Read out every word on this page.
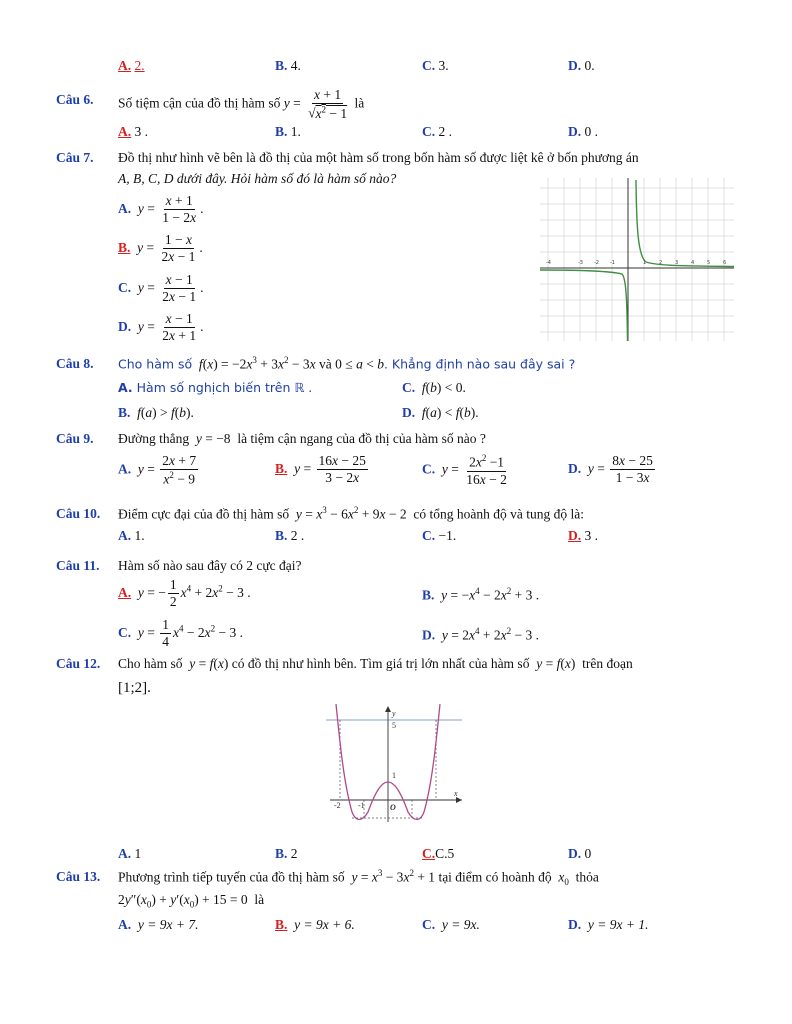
A. 2.	B. 4.	C. 3.	D. 0.
Câu 6. Số tiệm cận của đồ thị hàm số $y = \frac{x + 1}{√x^2 - 1}$ là
A. 3 .	B. 1.	C. 2 .	D. 0 .
Câu 7. Đồ thị như hình vẽ bên là đồ thị của một hàm số trong bốn hàm số được liệt kê ở bốn phương án
A, B, C, D dưới đây. Hỏi hàm số đó là hàm số nào?
A. $y = \frac{x + 1}{1 - 2x}$ .
B. $y = \frac{1 - x}{2x - 1}$ .
C. $y = \frac{x - 1}{2x - 1}$ .
D. $y = \frac{x - 1}{2x + 1}$ .
-4	-3 -2 -1	1	2	3	4	5	6
Câu 8. Cho hàm số $f(x) = -2x^3 + 3x^2 - 3x$ và 0 ≤ a < b. Khẳng định nào sau đây sai ?
A. Hàm số nghịch biến trên ℝ .	C. f(b) < 0.
B. f(a) > f(b).	D. f(a) < f(b).
Câu 9. Đường thẳng y = −8  là tiệm cận ngang của đồ thị của hàm số nào ?
A. $y = \frac{2x + 7}{x^2 - 9}$	B. $y = \frac{16x - 25}{3 - 2x}$	C. $y = \frac{2x^2 -1}{16x - 2}$	D. $y = \frac{8x - 25}{1 - 3x}$
Câu 10. Điểm cực đại của đồ thị hàm số $y = x^3 - 6x^2 + 9x - 2$  có tổng hoành độ và tung độ là:
A. 1.	B. 2 .	C. −1.	D. 3 .
Câu 11. Hàm số nào sau đây có 2 cực đại?
A. y = − $\frac{1}{2} x^4 + 2x^2 - 3$ .	B. $y = -x^4 - 2x^2 + 3$ .
C. $y = \frac{1}{4} x^4 - 2x^2 - 3$ .	D. $y = 2x^4 + 2x^2 - 3$ .
Câu 12. Cho hàm số y = f(x) có đồ thị như hình bên. Tìm giá trị lớn nhất của hàm số y = f(x)  trên đoạn
[1;2].
y
5
1
-2 -1	O
x
A. 1	B. 2	C.C.5	D. 0
Câu 13. Phương trình tiếp tuyến của đồ thị hàm số $y = x^3 - 3x^2 + 1$ tại điểm có hoành độ $x_0$ thỏa
$2y''(x_0) + y'(x_0) + 15 = 0$  là
A. y = 9x + 7.	B. y = 9x + 6.	C. y = 9x.	D. y = 9x + 1.
